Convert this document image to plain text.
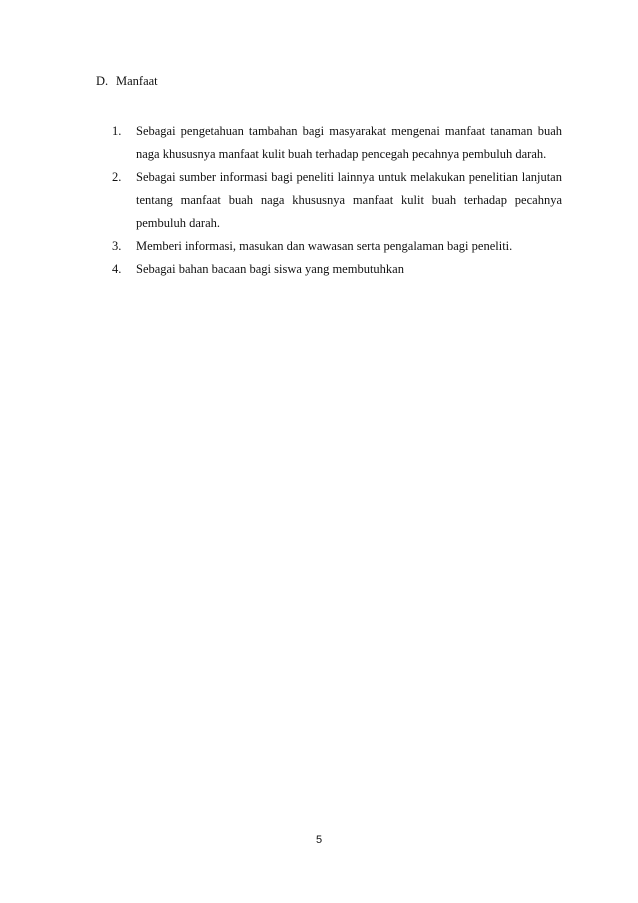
D. Manfaat
1. Sebagai pengetahuan tambahan bagi masyarakat mengenai manfaat tanaman buah naga khususnya manfaat kulit buah terhadap pencegah pecahnya pembuluh darah.
2. Sebagai sumber informasi bagi peneliti lainnya untuk melakukan penelitian lanjutan tentang manfaat buah naga khususnya manfaat kulit buah terhadap pecahnya pembuluh darah.
3. Memberi informasi, masukan dan wawasan serta pengalaman bagi peneliti.
4. Sebagai bahan bacaan bagi siswa yang membutuhkan
5
